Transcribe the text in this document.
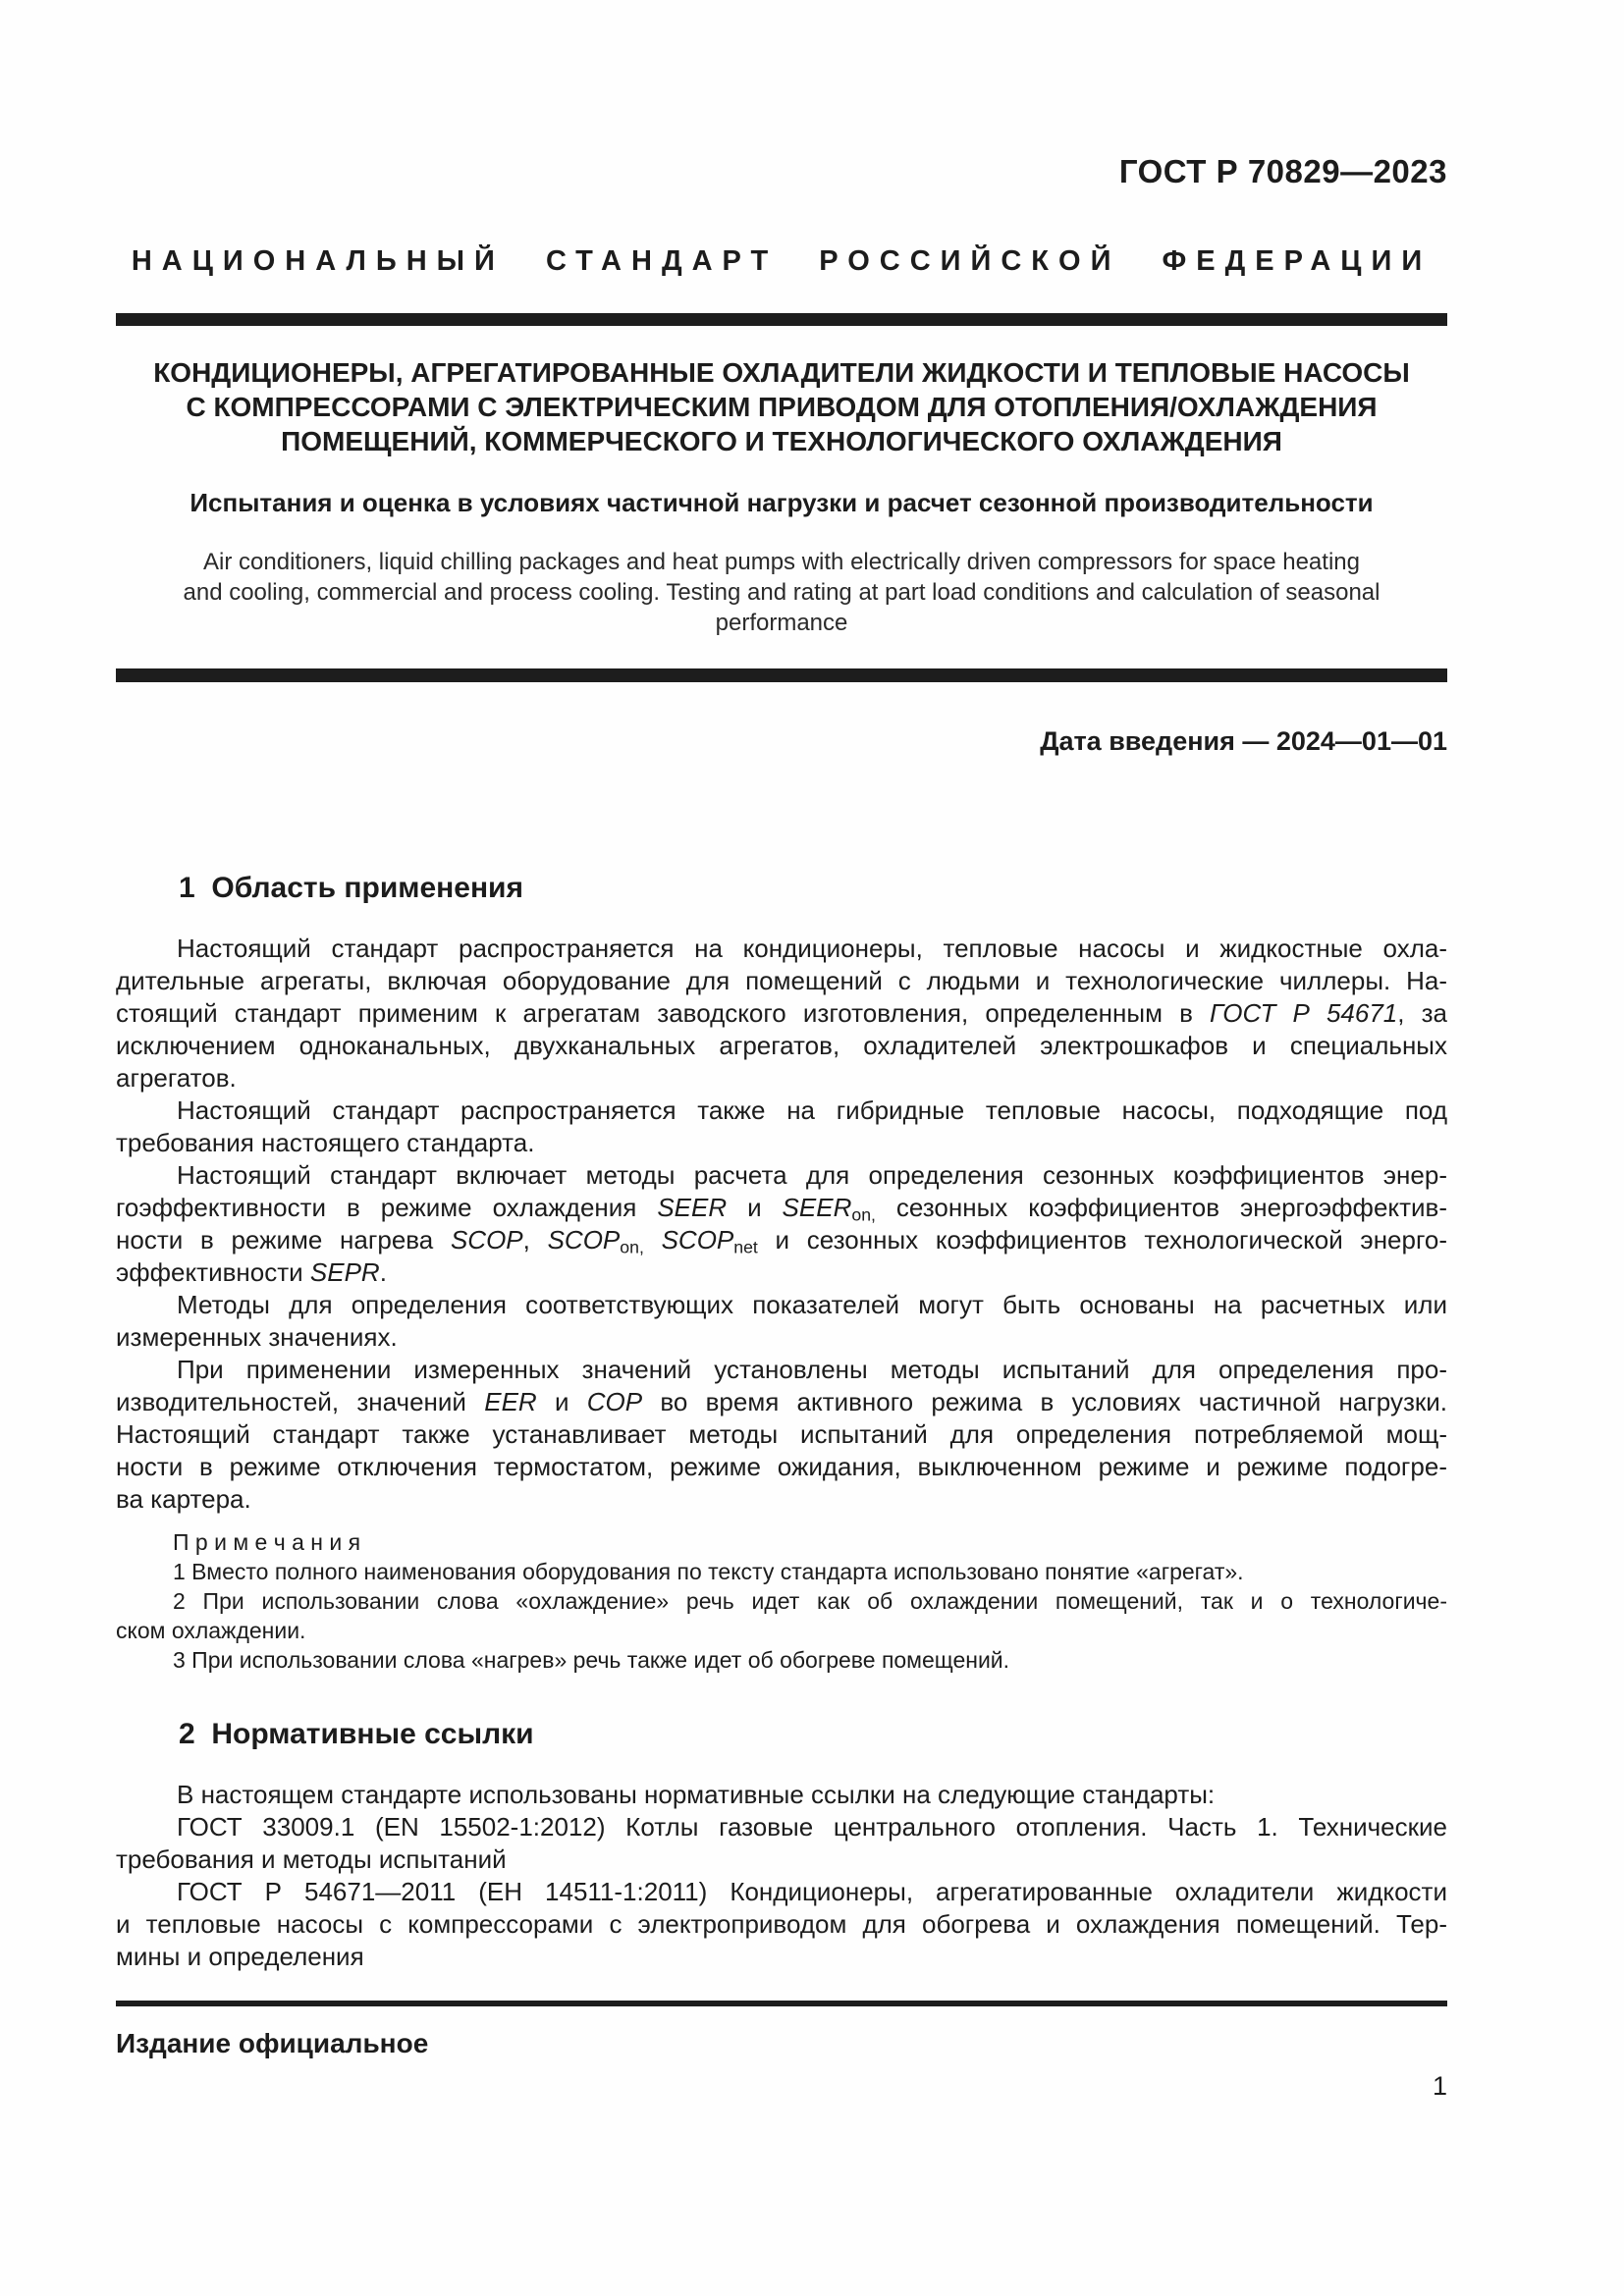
ГОСТ Р 70829—2023
НАЦИОНАЛЬНЫЙ СТАНДАРТ РОССИЙСКОЙ ФЕДЕРАЦИИ
КОНДИЦИОНЕРЫ, АГРЕГАТИРОВАННЫЕ ОХЛАДИТЕЛИ ЖИДКОСТИ И ТЕПЛОВЫЕ НАСОСЫ
С КОМПРЕССОРАМИ С ЭЛЕКТРИЧЕСКИМ ПРИВОДОМ ДЛЯ ОТОПЛЕНИЯ/ОХЛАЖДЕНИЯ
ПОМЕЩЕНИЙ, КОММЕРЧЕСКОГО И ТЕХНОЛОГИЧЕСКОГО ОХЛАЖДЕНИЯ
Испытания и оценка в условиях частичной нагрузки и расчет сезонной производительности
Air conditioners, liquid chilling packages and heat pumps with electrically driven compressors for space heating
and cooling, commercial and process cooling. Testing and rating at part load conditions and calculation of seasonal
performance
Дата введения — 2024—01—01
1  Область применения
Настоящий стандарт распространяется на кондиционеры, тепловые насосы и жидкостные охла-
дительные агрегаты, включая оборудование для помещений с людьми и технологические чиллеры. На-
стоящий стандарт применим к агрегатам заводского изготовления, определенным в ГОСТ Р 54671, за
исключением одноканальных, двухканальных агрегатов, охладителей электрошкафов и специальных
агрегатов.
Настоящий стандарт распространяется также на гибридные тепловые насосы, подходящие под
требования настоящего стандарта.
Настоящий стандарт включает методы расчета для определения сезонных коэффициентов энер-
гоэффективности в режиме охлаждения SEER и $SEER_{on,}$ сезонных коэффициентов энергоэффектив-
ности в режиме нагрева SCOP, $SCOP_{on,}$ $SCOP_{net}$ и сезонных коэффициентов технологической энерго-
эффективности SEPR.
Методы для определения соответствующих показателей могут быть основаны на расчетных или
измеренных значениях.
При применении измеренных значений установлены методы испытаний для определения про-
изводительностей, значений EER и COP во время активного режима в условиях частичной нагрузки.
Настоящий стандарт также устанавливает методы испытаний для определения потребляемой мощ-
ности в режиме отключения термостатом, режиме ожидания, выключенном режиме и режиме подогре-
ва картера.
П р и м е ч а н и я
1 Вместо полного наименования оборудования по тексту стандарта использовано понятие «агрегат».
2 При использовании слова «охлаждение» речь идет как об охлаждении помещений, так и о технологиче-
ском охлаждении.
3 При использовании слова «нагрев» речь также идет об обогреве помещений.
2  Нормативные ссылки
В настоящем стандарте использованы нормативные ссылки на следующие стандарты:
ГОСТ 33009.1 (EN 15502-1:2012) Котлы газовые центрального отопления. Часть 1. Технические
требования и методы испытаний
ГОСТ Р 54671—2011 (ЕН 14511-1:2011) Кондиционеры, агрегатированные охладители жидкости
и тепловые насосы с компрессорами с электроприводом для обогрева и охлаждения помещений. Тер-
мины и определения
Издание официальное
1
